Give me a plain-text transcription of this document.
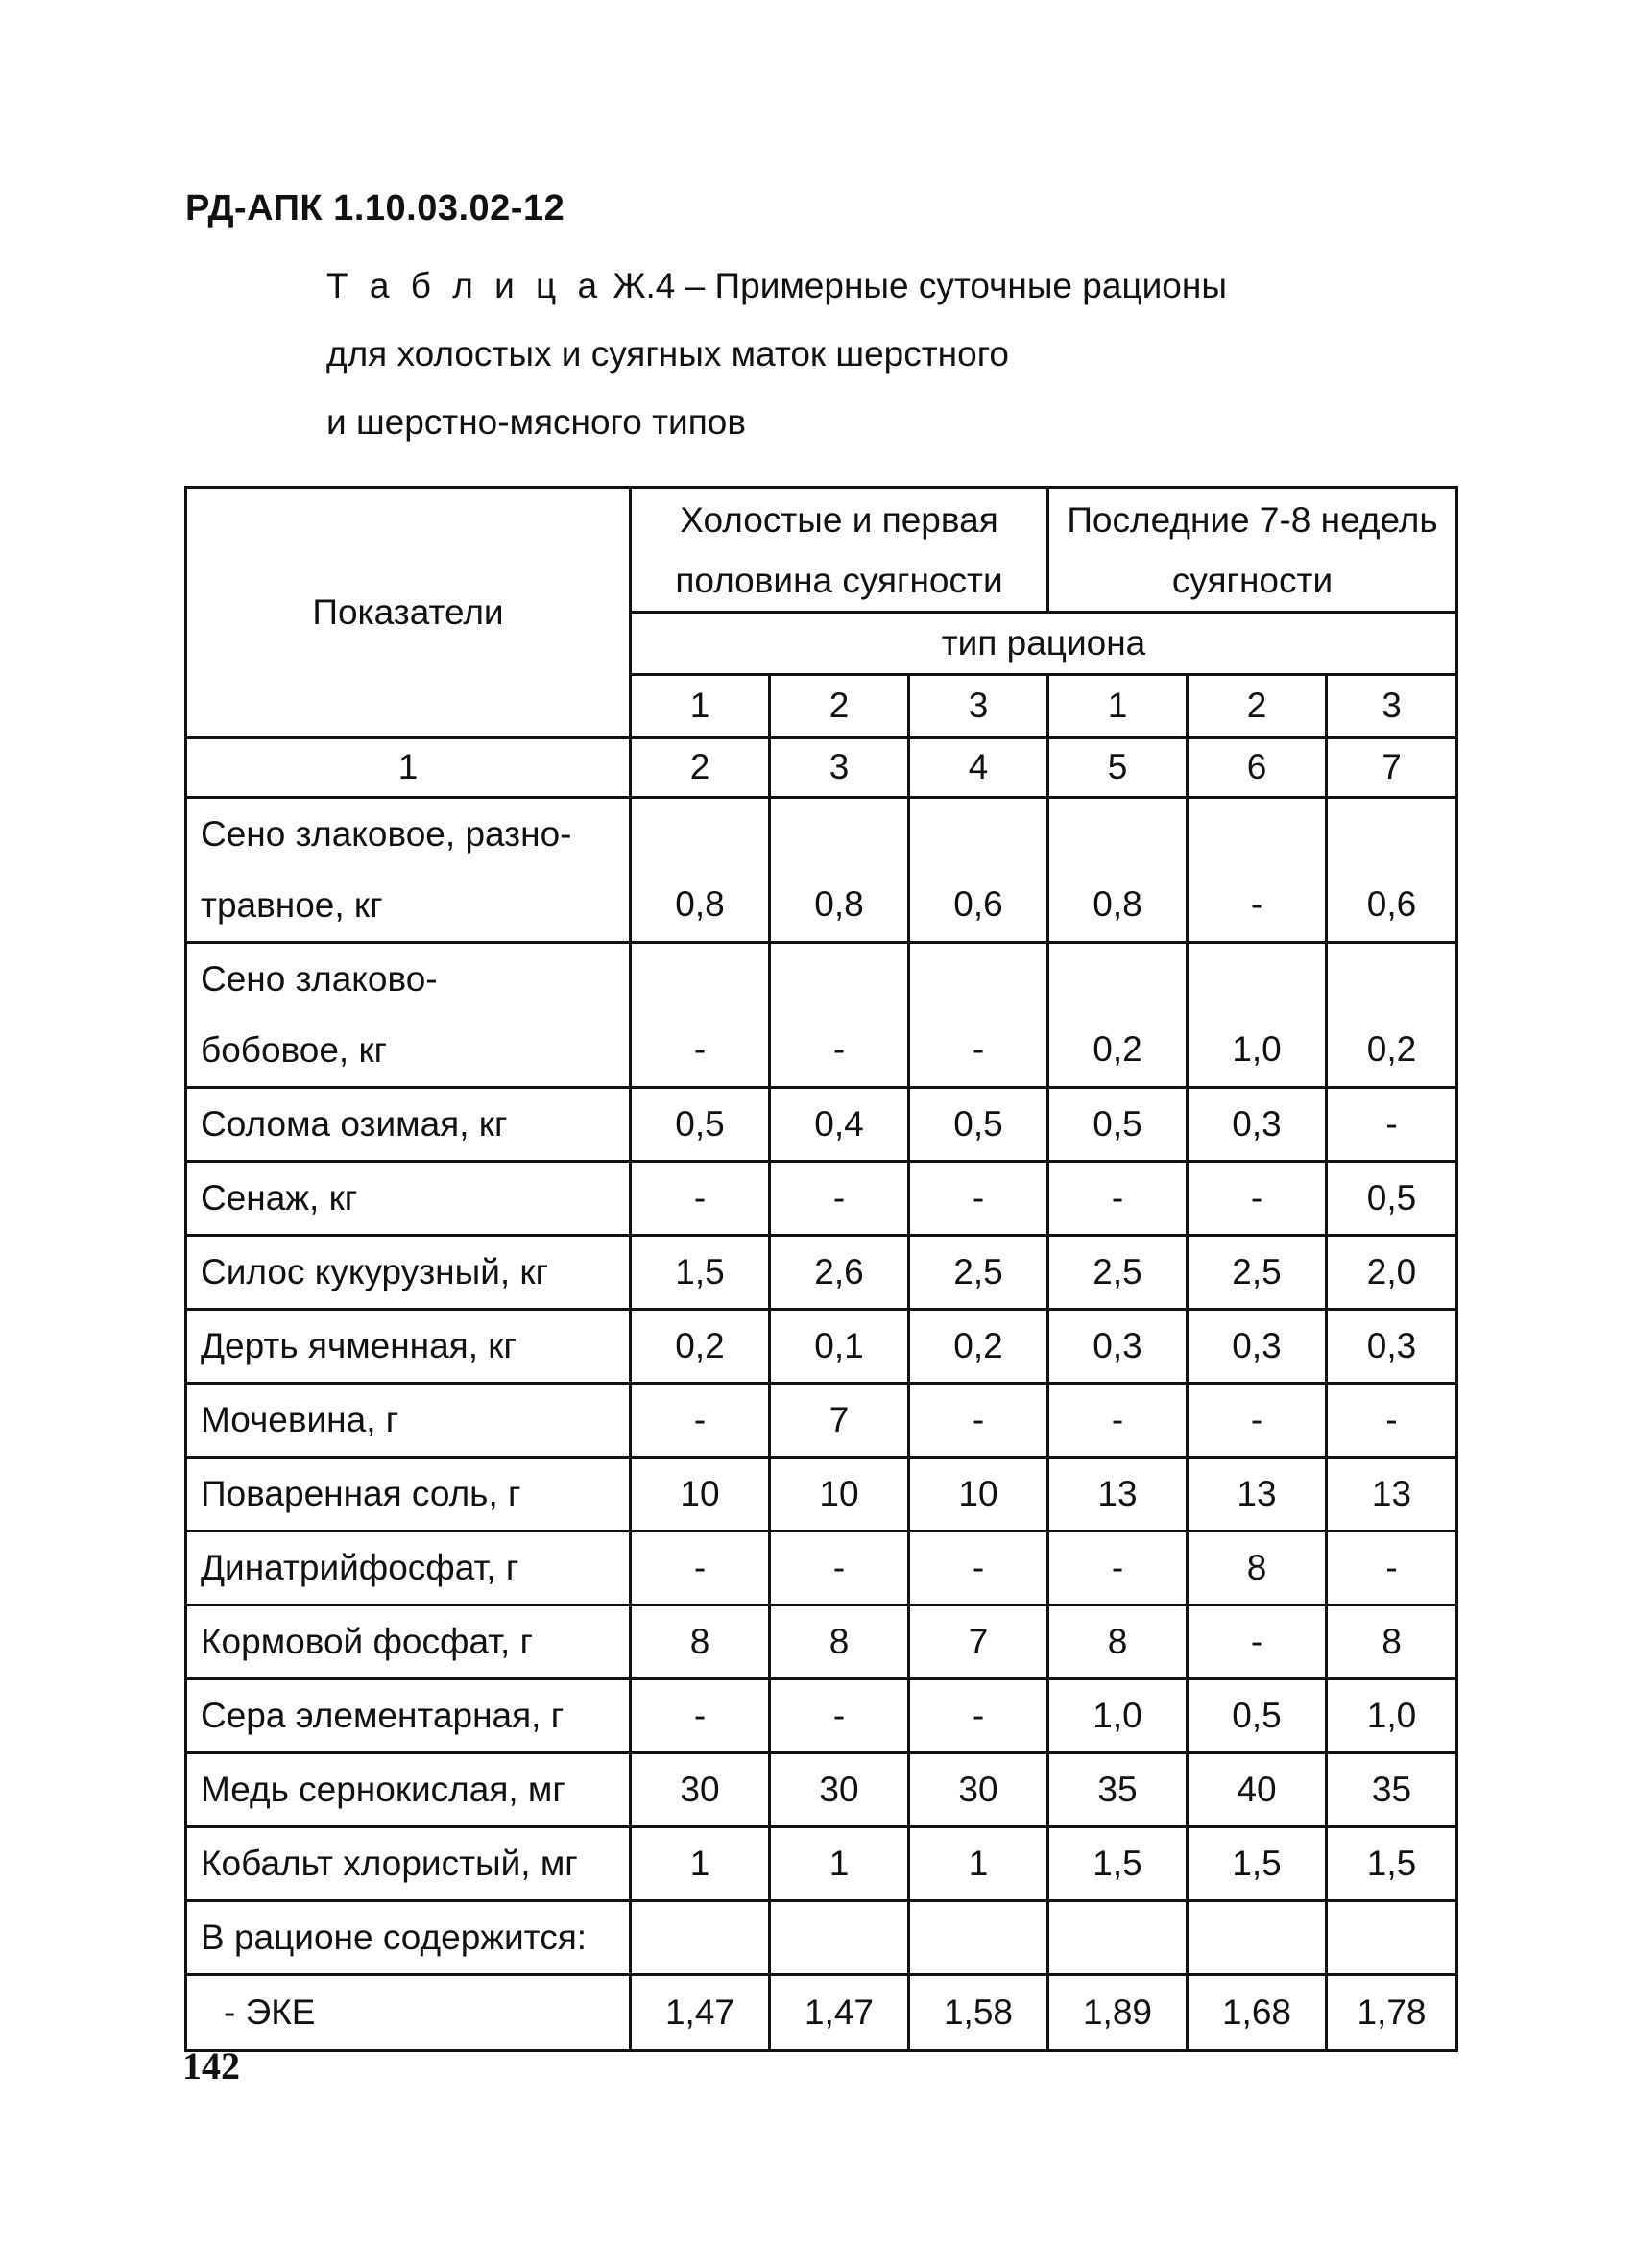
РД-АПК 1.10.03.02-12
Т а б л и ц а Ж.4 – Примерные суточные рационы
для холостых и суягных маток шерстного
и шерстно-мясного типов
Показатели	Холостые и первая
половина суягности			Последние 7-8 недель
суягности		

	тип рациона					
	1	2	3	1	2	3
1	2	3	4	5	6	7

Сено злаковое, разно-
травное, кг	0,8	0,8	0,6	0,8	-	0,6

Сено злаково-
бобовое, кг	-	-	-	0,2	1,0	0,2
Солома озимая, кг	0,5	0,4	0,5	0,5	0,3	-
Сенаж, кг	-	-	-	-	-	0,5
Силос кукурузный, кг	1,5	2,6	2,5	2,5	2,5	2,0
Дерть ячменная, кг	0,2	0,1	0,2	0,3	0,3	0,3
Мочевина, г	-	7	-	-	-	-
Поваренная соль, г	10	10	10	13	13	13
Динатрийфосфат, г	-	-	-	-	8	-
Кормовой фосфат, г	8	8	7	8	-	8
Сера элементарная, г	-	-	-	1,0	0,5	1,0
Медь сернокислая, мг	30	30	30	35	40	35
Кобальт хлористый, мг	1	1	1	1,5	1,5	1,5
В рационе содержится:						
- ЭКЕ	1,47	1,47	1,58	1,89	1,68	1,78
142
